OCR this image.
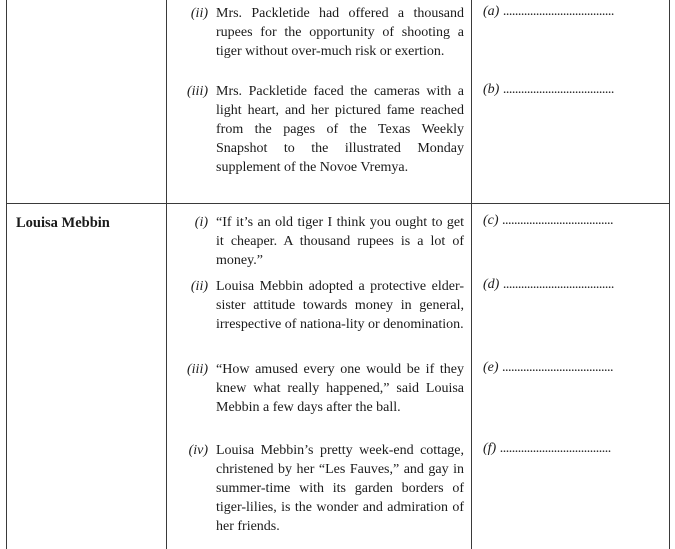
(ii) Mrs. Packletide had offered a thousand rupees for the opportunity of shooting a tiger without over-much risk or exertion.
(a) .....................................
(iii) Mrs. Packletide faced the cameras with a light heart, and her pictured fame reached from the pages of the Texas Weekly Snapshot to the illustrated Monday supplement of the Novoe Vremya.
(b) .....................................
Louisa Mebbin	(i) “If it’s an old tiger I think you ought to get it cheaper. A thousand rupees is a lot of money.”
(c) .....................................
(ii) Louisa Mebbin adopted a protective elder-sister attitude towards money in general, irrespective of nationa-lity or denomination.
(d) .....................................
(iii) “How amused every one would be if they knew what really happened,” said Louisa Mebbin a few days after the ball.
(e) .....................................
(iv) Louisa Mebbin’s pretty week-end cottage, christened by her “Les Fauves,” and gay in summer-time with its garden borders of tiger-lilies, is the wonder and admiration of her friends.
(f) .....................................
